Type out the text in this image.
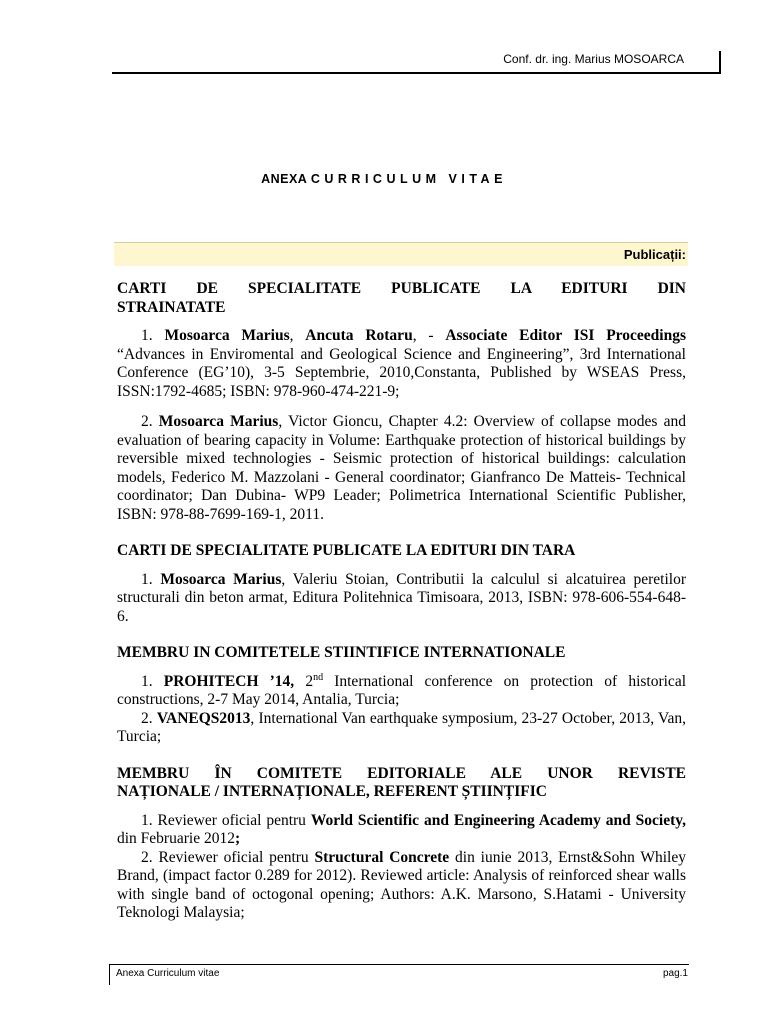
Conf. dr. ing. Marius MOSOARCA
ANEXA CURRICULUM VITAE
Publicații:
CARTI DE SPECIALITATE PUBLICATE LA EDITURI DIN
STRAINATATE

1. Mosoarca Marius, Ancuta Rotaru, - Associate Editor ISI Proceedings “Advances in Enviromental and Geological Science and Engineering”, 3rd International Conference (EG’10), 3-5 Septembrie, 2010,Constanta, Published by WSEAS Press, ISSN:1792-4685; ISBN: 978-960-474-221-9;

2. Mosoarca Marius, Victor Gioncu, Chapter 4.2: Overview of collapse modes and evaluation of bearing capacity in Volume: Earthquake protection of historical buildings by reversible mixed technologies - Seismic protection of historical buildings: calculation models, Federico M. Mazzolani - General coordinator; Gianfranco De Matteis- Technical coordinator; Dan Dubina- WP9 Leader; Polimetrica International Scientific Publisher, ISBN: 978-88-7699-169-1, 2011.

CARTI DE SPECIALITATE PUBLICATE LA EDITURI DIN TARA

1. Mosoarca Marius, Valeriu Stoian, Contributii la calculul si alcatuirea peretilor structurali din beton armat, Editura Politehnica Timisoara, 2013, ISBN: 978-606-554-648-6.

MEMBRU IN COMITETELE STIINTIFICE INTERNATIONALE

1. PROHITECH ’14, 2nd International conference on protection of historical constructions, 2-7 May 2014, Antalia, Turcia;

2. VANEQS2013, International Van earthquake symposium, 23-27 October, 2013, Van, Turcia;

MEMBRU ÎN COMITETE EDITORIALE ALE UNOR REVISTE
NAȚIONALE / INTERNAȚIONALE, REFERENT ȘTIINȚIFIC

1. Reviewer oficial pentru World Scientific and Engineering Academy and Society, din Februarie 2012;

2. Reviewer oficial pentru Structural Concrete din iunie 2013, Ernst&Sohn Whiley Brand, (impact factor 0.289 for 2012). Reviewed article: Analysis of reinforced shear walls with single band of octogonal opening; Authors: A.K. Marsono, S.Hatami - University Teknologi Malaysia;

Anexa Curriculum vitae	pag.1
